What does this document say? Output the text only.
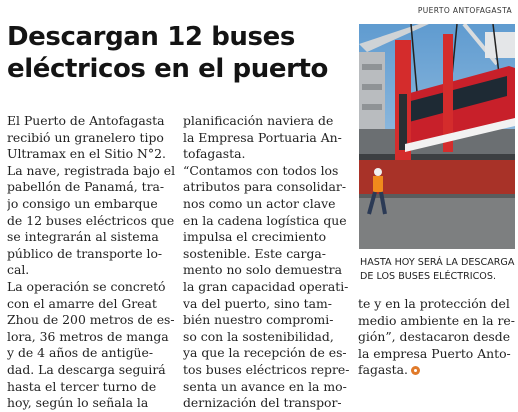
PUERTO ANTOFAGASTA
Descargan 12 buses
eléctricos en el puerto
El Puerto de Antofagasta
recibió un granelero tipo
Ultramax en el Sitio N°2.
La nave, registrada bajo el
pabellón de Panamá, tra-
jo consigo un embarque
de 12 buses eléctricos que
se integrarán al sistema
público de transporte lo-
cal.
La operación se concretó
con el amarre del Great
Zhou de 200 metros de es-
lora, 36 metros de manga
y de 4 años de antigüe-
dad. La descarga seguirá
hasta el tercer turno de
hoy, según lo señala la
planificación naviera de
la Empresa Portuaria An-
tofagasta.
“Contamos con todos los
atributos para consolidar-
nos como un actor clave
en la cadena logística que
impulsa el crecimiento
sostenible. Este carga-
mento no solo demuestra
la gran capacidad operati-
va del puerto, sino tam-
bién nuestro compromi-
so con la sostenibilidad,
ya que la recepción de es-
tos buses eléctricos repre-
senta un avance en la mo-
dernización del transpor-
te y en la protección del
medio ambiente en la re-
gión”, destacaron desde
la empresa Puerto Anto-
fagasta.
HASTA HOY SERÁ LA DESCARGA
DE LOS BUSES ELÉCTRICOS.
